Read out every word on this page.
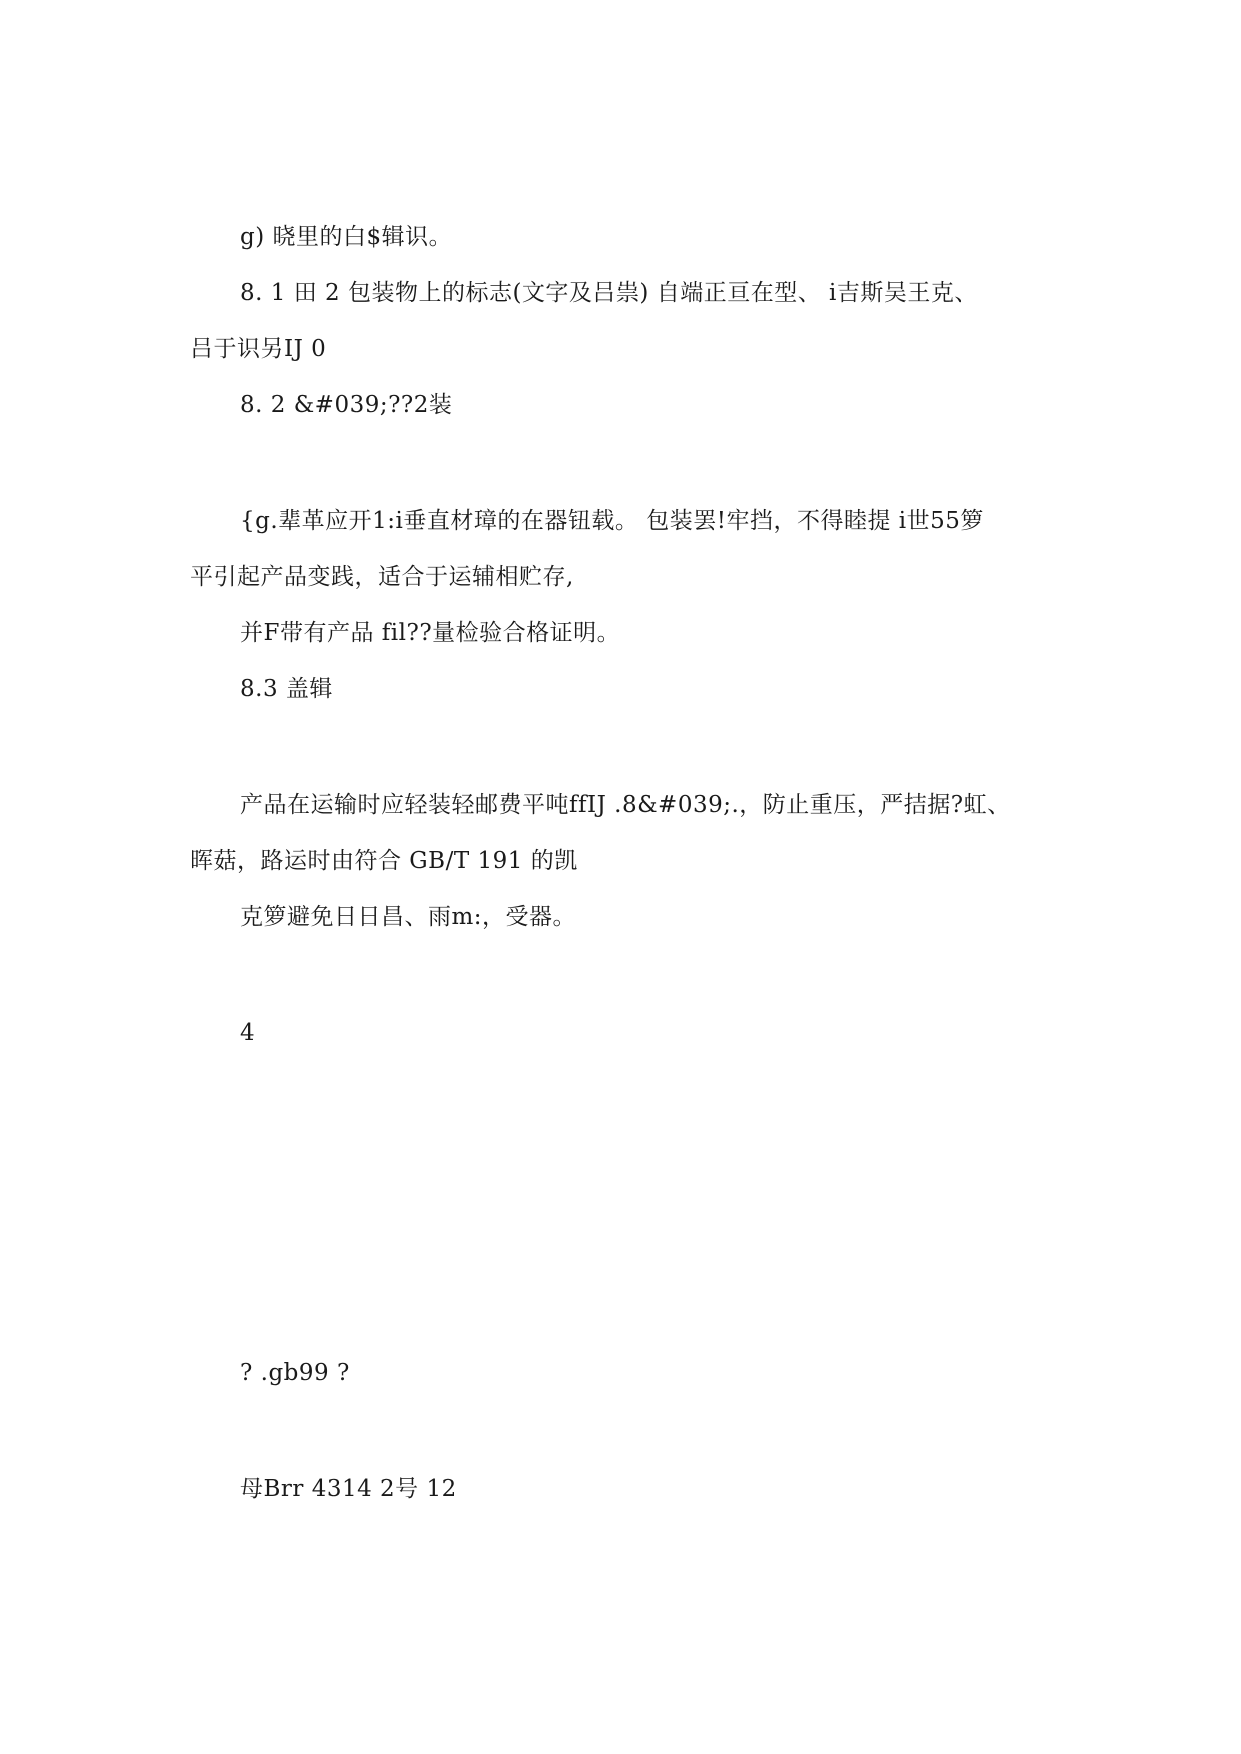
g) 晓里的白$辑识。
8. 1 田 2 包装物上的标志(文字及吕祟) 自端正亘在型、 i吉斯吴王克、
吕于识另IJ 0
8. 2 &#039;??2装
{g.辈革应开1:i垂直材璋的在器钮载。 包装罢!牢挡，不得睦提 i世55箩
平引起产品变践，适合于运辅相贮存,
并F带有产品 fil??量检验合格证明。
8.3 盖辑
产品在运输时应轻装轻邮费平吨ffIJ .8&#039;.，防止重压，严拮据?虹、
晖菇，路运时由符合 GB/T 191 的凯
克箩避免日日昌、雨m:，受器。
4
? .gb99 ?
母Brr 4314 2号 12
